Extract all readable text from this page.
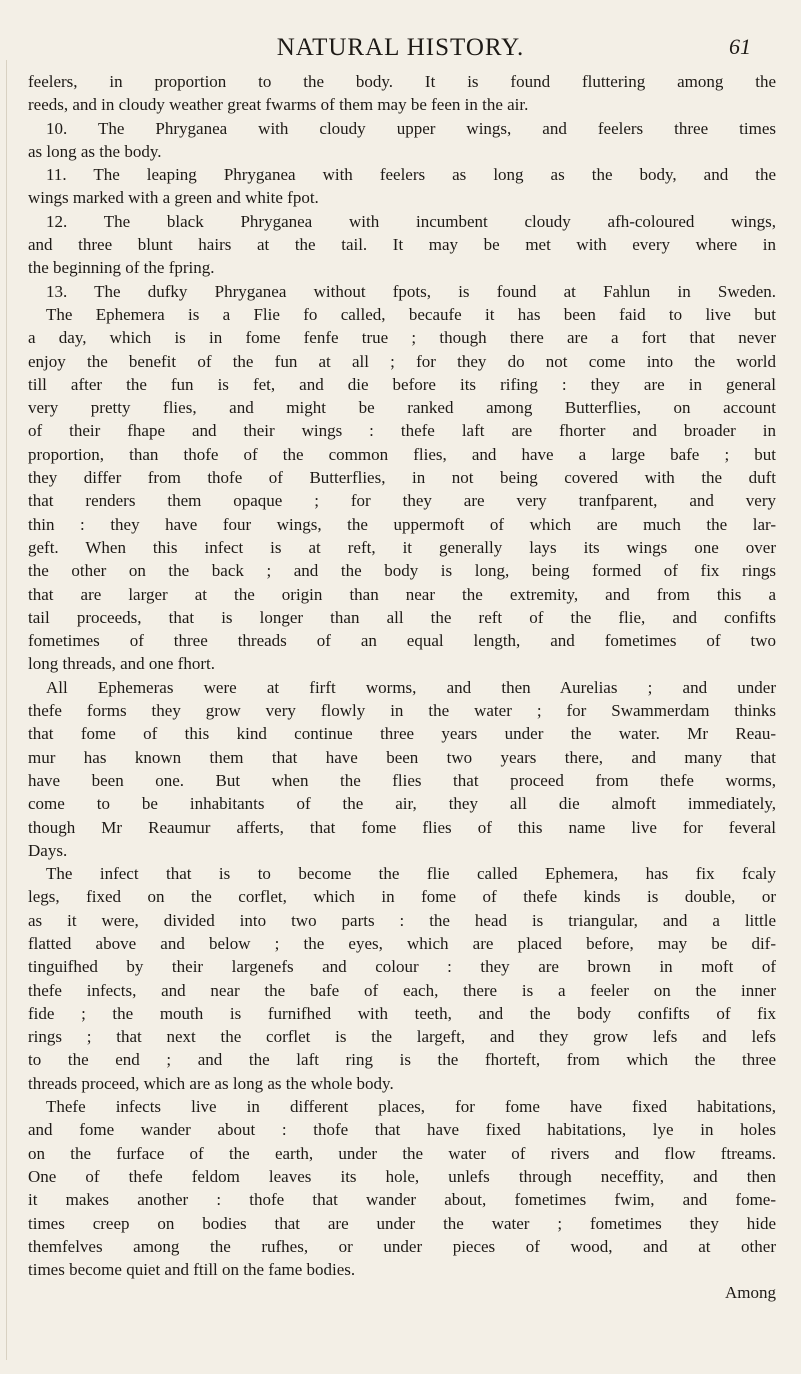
NATURAL HISTORY.	61
feelers, in proportion to the body. It is found fluttering among the
reeds, and in cloudy weather great fwarms of them may be feen in the air.
10. The Phryganea with cloudy upper wings, and feelers three times
as long as the body.
11. The leaping Phryganea with feelers as long as the body, and the
wings marked with a green and white fpot.
12. The black Phryganea with incumbent cloudy afh-coloured wings,
and three blunt hairs at the tail. It may be met with every where in
the beginning of the fpring.
13. The dufky Phryganea without fpots, is found at Fahlun in Sweden.
The Ephemera is a Flie fo called, becaufe it has been faid to live but
a day, which is in fome fenfe true ; though there are a fort that never
enjoy the benefit of the fun at all ; for they do not come into the world
till after the fun is fet, and die before its rifing : they are in general
very pretty flies, and might be ranked among Butterflies, on account
of their fhape and their wings : thefe laft are fhorter and broader in
proportion, than thofe of the common flies, and have a large bafe ; but
they differ from thofe of Butterflies, in not being covered with the duft
that renders them opaque ; for they are very tranfparent, and very
thin : they have four wings, the uppermoft of which are much the lar-
geft. When this infect is at reft, it generally lays its wings one over
the other on the back ; and the body is long, being formed of fix rings
that are larger at the origin than near the extremity, and from this a
tail proceeds, that is longer than all the reft of the flie, and confifts
fometimes of three threads of an equal length, and fometimes of two
long threads, and one fhort.
All Ephemeras were at firft worms, and then Aurelias ; and under
thefe forms they grow very flowly in the water ; for Swammerdam thinks
that fome of this kind continue three years under the water. Mr Reau-
mur has known them that have been two years there, and many that
have been one. But when the flies that proceed from thefe worms,
come to be inhabitants of the air, they all die almoft immediately,
though Mr Reaumur afferts, that fome flies of this name live for feveral
Days.
The infect that is to become the flie called Ephemera, has fix fcaly
legs, fixed on the corflet, which in fome of thefe kinds is double, or
as it were, divided into two parts : the head is triangular, and a little
flatted above and below ; the eyes, which are placed before, may be dif-
tinguifhed by their largenefs and colour : they are brown in moft of
thefe infects, and near the bafe of each, there is a feeler on the inner
fide ; the mouth is furnifhed with teeth, and the body confifts of fix
rings ; that next the corflet is the largeft, and they grow lefs and lefs
to the end ; and the laft ring is the fhorteft, from which the three
threads proceed, which are as long as the whole body.
Thefe infects live in different places, for fome have fixed habitations,
and fome wander about : thofe that have fixed habitations, lye in holes
on the furface of the earth, under the water of rivers and flow ftreams.
One of thefe feldom leaves its hole, unlefs through neceffity, and then
it makes another : thofe that wander about, fometimes fwim, and fome-
times creep on bodies that are under the water ; fometimes they hide
themfelves among the rufhes, or under pieces of wood, and at other
times become quiet and ftill on the fame bodies.
Among
